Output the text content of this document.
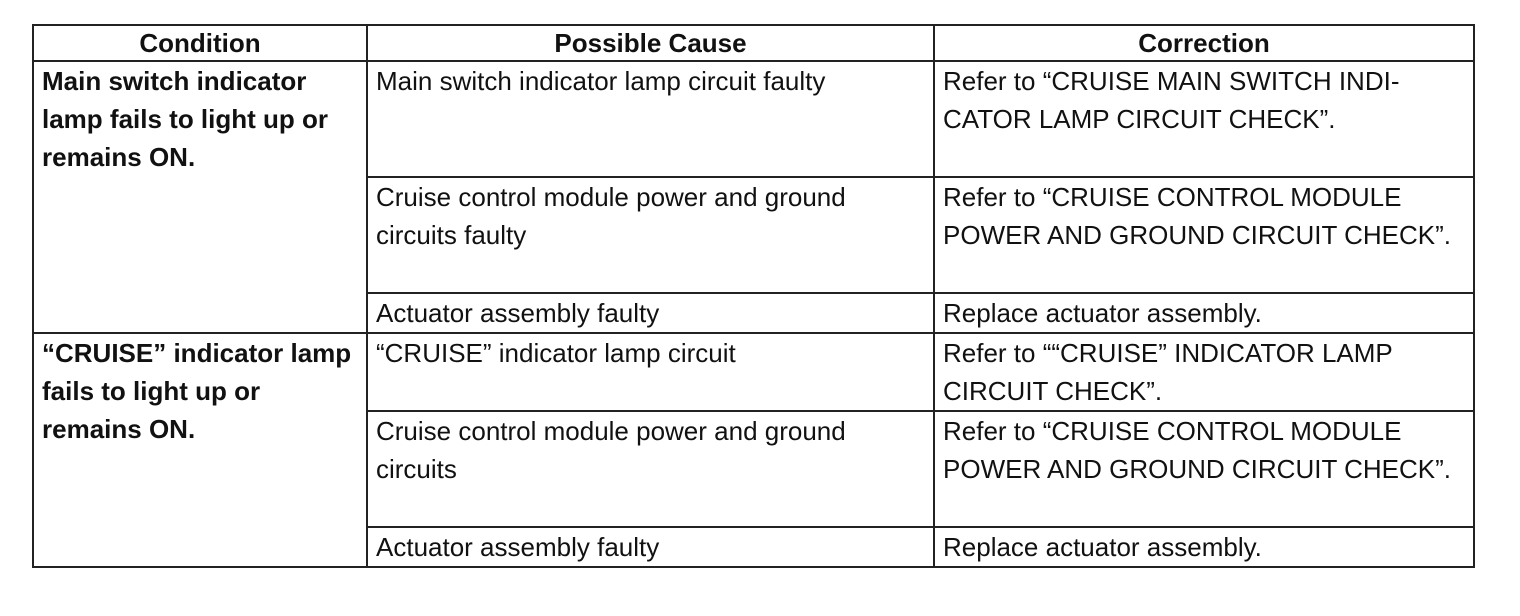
Condition	Possible Cause	Correction
Main switch indicator lamp fails to light up or remains ON.	Main switch indicator lamp circuit faulty	Refer to “CRUISE MAIN SWITCH INDI-CATOR LAMP CIRCUIT CHECK”.
	Cruise control module power and ground circuits faulty	Refer to “CRUISE CONTROL MODULE POWER AND GROUND CIRCUIT CHECK”.
	Actuator assembly faulty	Replace actuator assembly.
“CRUISE” indicator lamp fails to light up or remains ON.	“CRUISE” indicator lamp circuit	Refer to ““CRUISE” INDICATOR LAMP CIRCUIT CHECK”.
	Cruise control module power and ground circuits	Refer to “CRUISE CONTROL MODULE POWER AND GROUND CIRCUIT CHECK”.
	Actuator assembly faulty	Replace actuator assembly.
